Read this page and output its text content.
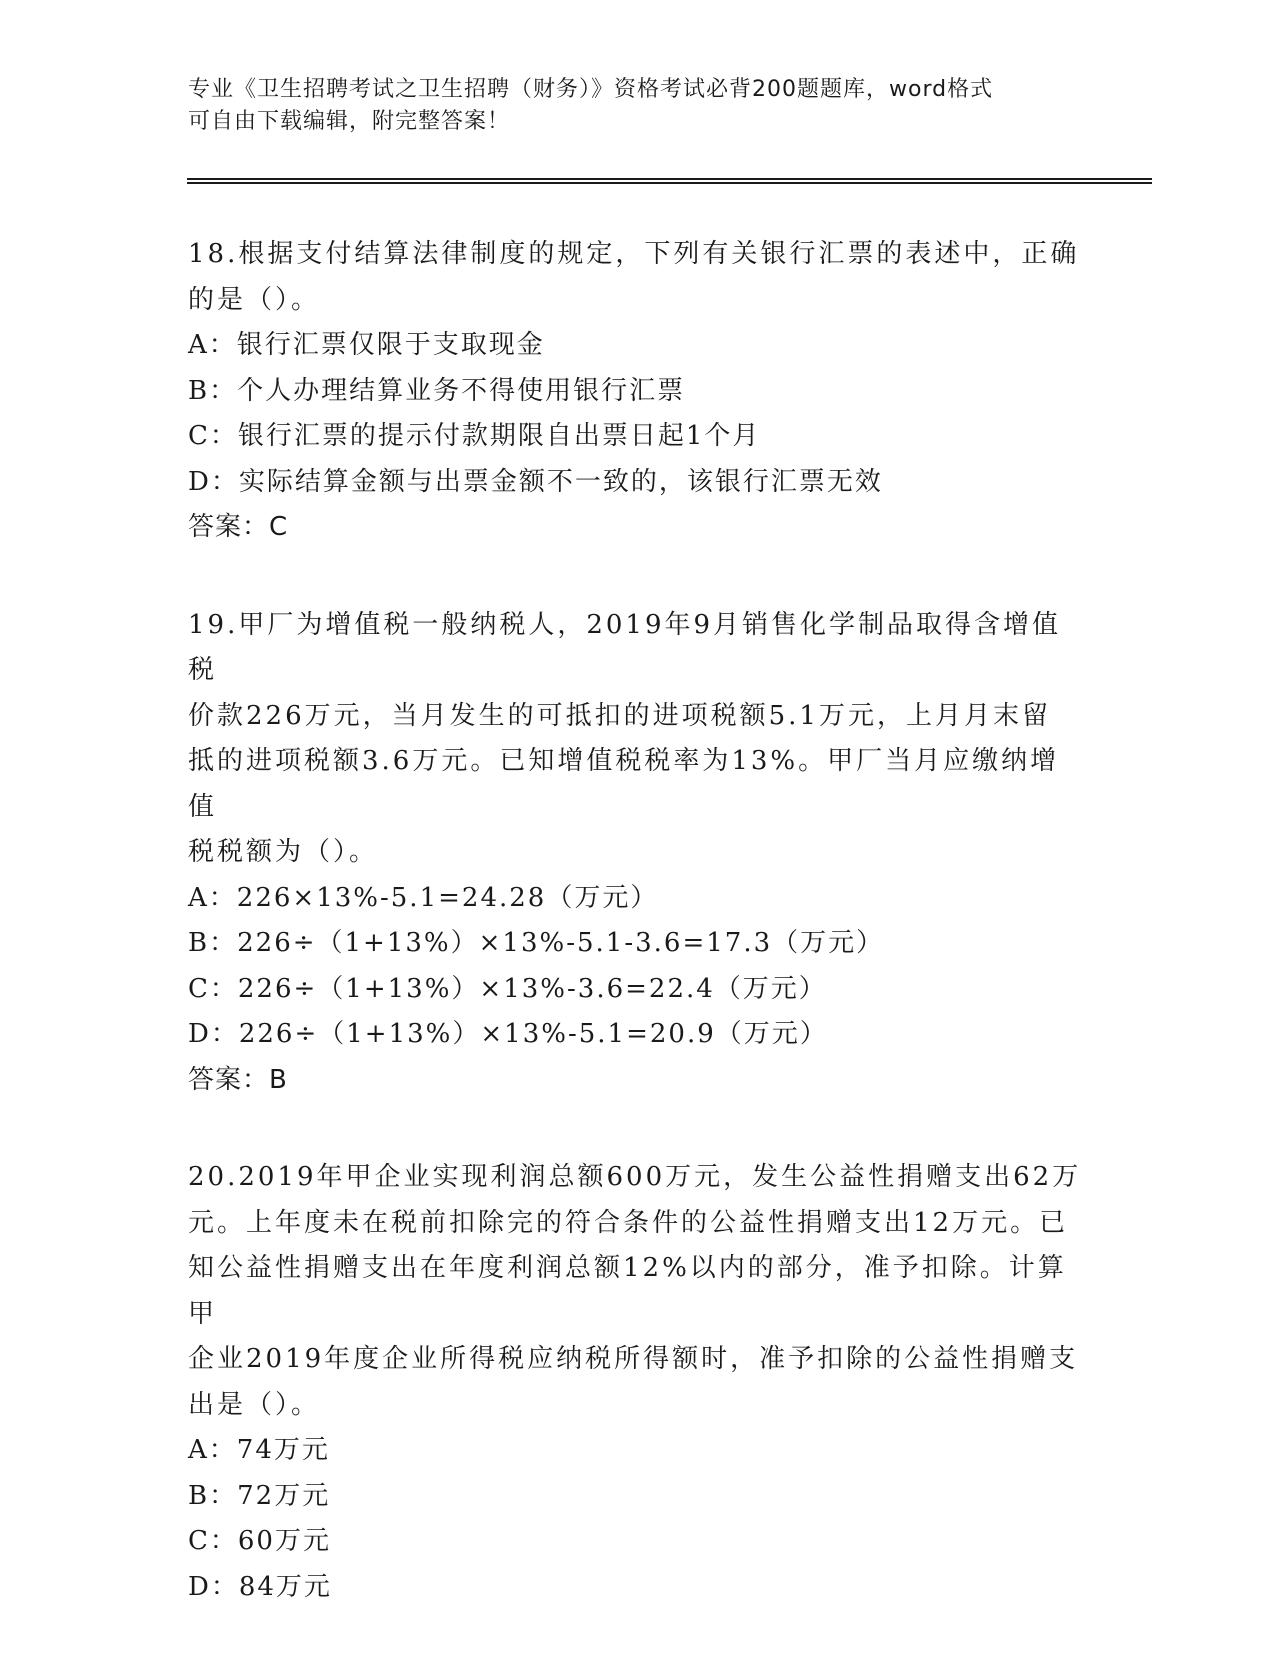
专业《卫生招聘考试之卫生招聘（财务）》资格考试必背200题题库，word格式
可自由下载编辑，附完整答案！
18.根据支付结算法律制度的规定，下列有关银行汇票的表述中，正确
的是（）。
A：银行汇票仅限于支取现金
B：个人办理结算业务不得使用银行汇票
C：银行汇票的提示付款期限自出票日起1个月
D：实际结算金额与出票金额不一致的，该银行汇票无效
答案：C
19.甲厂为增值税一般纳税人，2019年9月销售化学制品取得含增值税
价款226万元，当月发生的可抵扣的进项税额5.1万元，上月月末留
抵的进项税额3.6万元。已知增值税税率为13%。甲厂当月应缴纳增值
税税额为（）。
A：226×13%-5.1=24.28（万元）
B：226÷（1+13%）×13%-5.1-3.6=17.3（万元）
C：226÷（1+13%）×13%-3.6=22.4（万元）
D：226÷（1+13%）×13%-5.1=20.9（万元）
答案：B
20.2019年甲企业实现利润总额600万元，发生公益性捐赠支出62万
元。上年度未在税前扣除完的符合条件的公益性捐赠支出12万元。已
知公益性捐赠支出在年度利润总额12%以内的部分，准予扣除。计算甲
企业2019年度企业所得税应纳税所得额时，准予扣除的公益性捐赠支
出是（）。
A：74万元
B：72万元
C：60万元
D：84万元
